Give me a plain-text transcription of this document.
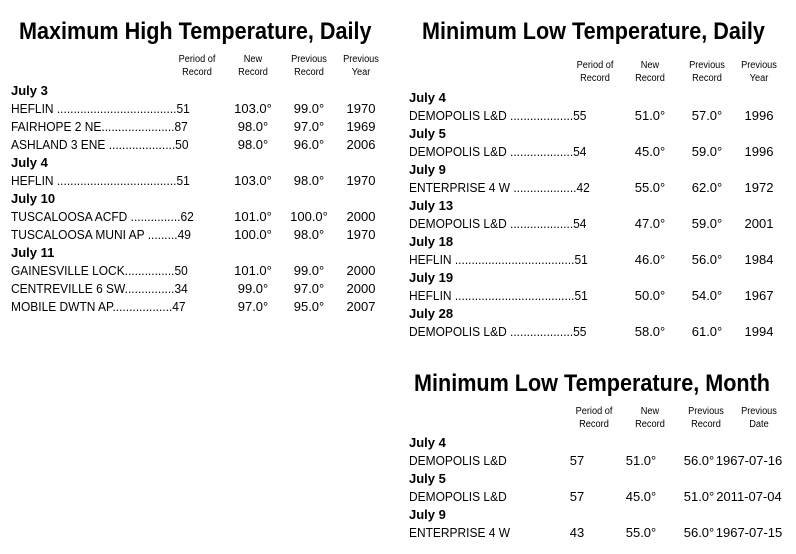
Maximum High Temperature, Daily
Period of
Record
New
Record
Previous
Record
Previous
Year
July 3
HEFLIN ....................................51	103.0°	99.0°	1970
FAIRHOPE 2 NE......................87	98.0°	97.0°	1969
ASHLAND 3 ENE ....................50	98.0°	96.0°	2006
July 4
HEFLIN ....................................51	103.0°	98.0°	1970
July 10
TUSCALOOSA ACFD ...............62	101.0°	100.0°	2000
TUSCALOOSA MUNI AP .........49	100.0°	98.0°	1970
July 11
GAINESVILLE LOCK...............50	101.0°	99.0°	2000
CENTREVILLE 6 SW...............34	99.0°	97.0°	2000
MOBILE DWTN AP..................47	97.0°	95.0°	2007
Minimum Low Temperature, Daily
Period of
Record
New
Record
Previous
Record
Previous
Year
July 4
DEMOPOLIS L&D ...................55	51.0°	57.0°	1996
July 5
DEMOPOLIS L&D ...................54	45.0°	59.0°	1996
July 9
ENTERPRISE 4 W ...................42	55.0°	62.0°	1972
July 13
DEMOPOLIS L&D ...................54	47.0°	59.0°	2001
July 18
HEFLIN ....................................51	46.0°	56.0°	1984
July 19
HEFLIN ....................................51	50.0°	54.0°	1967
July 28
DEMOPOLIS L&D ...................55	58.0°	61.0°	1994
Minimum Low Temperature, Month
Period of
Record
New
Record
Previous
Record
Previous
Date
July 4
DEMOPOLIS L&D	57	51.0°	56.0° 1967-07-16
July 5
DEMOPOLIS L&D	57	45.0°	51.0° 2011-07-04
July 9
ENTERPRISE 4 W	43	55.0°	56.0° 1967-07-15
